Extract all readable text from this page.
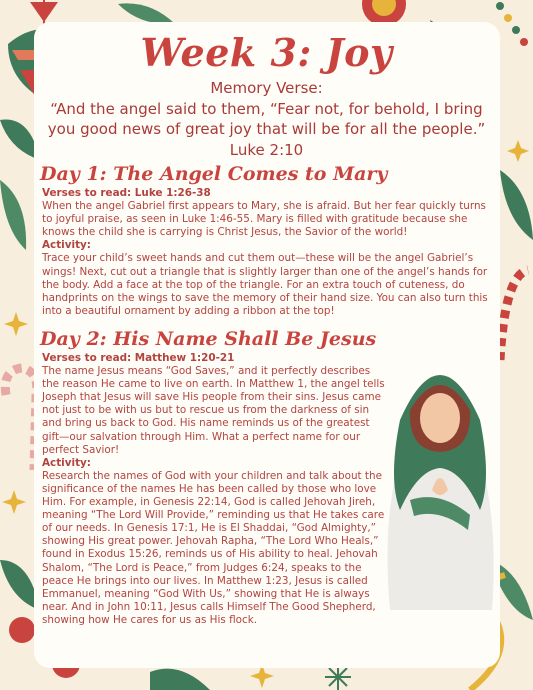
Week 3: Joy
Memory Verse:
“And the angel said to them, “Fear not, for behold, I bring you good news of great joy that will be for all the people.”
Luke 2:10
Day 1: The Angel Comes to Mary
Verses to read: Luke 1:26-38
When the angel Gabriel first appears to Mary, she is afraid. But her fear quickly turns to joyful praise, as seen in Luke 1:46-55. Mary is filled with gratitude because she knows the child she is carrying is Christ Jesus, the Savior of the world!
Activity:
Trace your child’s sweet hands and cut them out—these will be the angel Gabriel’s wings! Next, cut out a triangle that is slightly larger than one of the angel’s hands for the body. Add a face at the top of the triangle. For an extra touch of cuteness, do handprints on the wings to save the memory of their hand size. You can also turn this into a beautiful ornament by adding a ribbon at the top!
Day 2: His Name Shall Be Jesus
Verses to read: Matthew 1:20-21
The name Jesus means “God Saves,” and it perfectly describes the reason He came to live on earth. In Matthew 1, the angel tells Joseph that Jesus will save His people from their sins. Jesus came not just to be with us but to rescue us from the darkness of sin and bring us back to God. His name reminds us of the greatest gift—our salvation through Him. What a perfect name for our perfect Savior!
Activity:
Research the names of God with your children and talk about the significance of the names He has been called by those who love Him. For example, in Genesis 22:14, God is called Jehovah Jireh, meaning “The Lord Will Provide,” reminding us that He takes care of our needs. In Genesis 17:1, He is El Shaddai, “God Almighty,” showing His great power. Jehovah Rapha, “The Lord Who Heals,” found in Exodus 15:26, reminds us of His ability to heal. Jehovah Shalom, “The Lord is Peace,” from Judges 6:24, speaks to the peace He brings into our lives. In Matthew 1:23, Jesus is called Emmanuel, meaning “God With Us,” showing that He is always near. And in John 10:11, Jesus calls Himself The Good Shepherd, showing how He cares for us as His flock.
